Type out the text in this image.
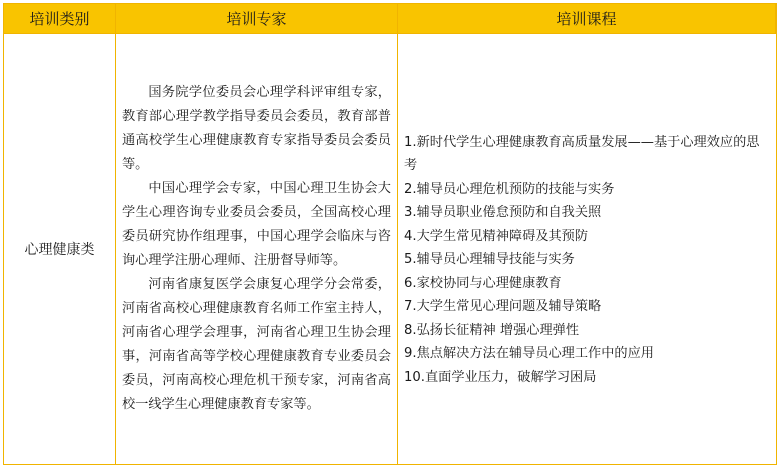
培训类别	培训专家	培训课程
心理健康类

国务院学位委员会心理学科评审组专家，教育部心理学教学指导委员会委员，教育部普通高校学生心理健康教育专家指导委员会委员等。

中国心理学会专家，中国心理卫生协会大学生心理咨询专业委员会委员，全国高校心理委员研究协作组理事，中国心理学会临床与咨询心理学注册心理师、注册督导师等。

河南省康复医学会康复心理学分会常委，河南省高校心理健康教育名师工作室主持人，河南省心理学会理事，河南省心理卫生协会理事，河南省高等学校心理健康教育专业委员会委员，河南高校心理危机干预专家，河南省高校一线学生心理健康教育专家等。

1.新时代学生心理健康教育高质量发展——基于心理效应的思考
2.辅导员心理危机预防的技能与实务
3.辅导员职业倦怠预防和自我关照
4.大学生常见精神障碍及其预防
5.辅导员心理辅导技能与实务
6.家校协同与心理健康教育
7.大学生常见心理问题及辅导策略
8.弘扬长征精神 增强心理弹性
9.焦点解决方法在辅导员心理工作中的应用
10.直面学业压力，破解学习困局
